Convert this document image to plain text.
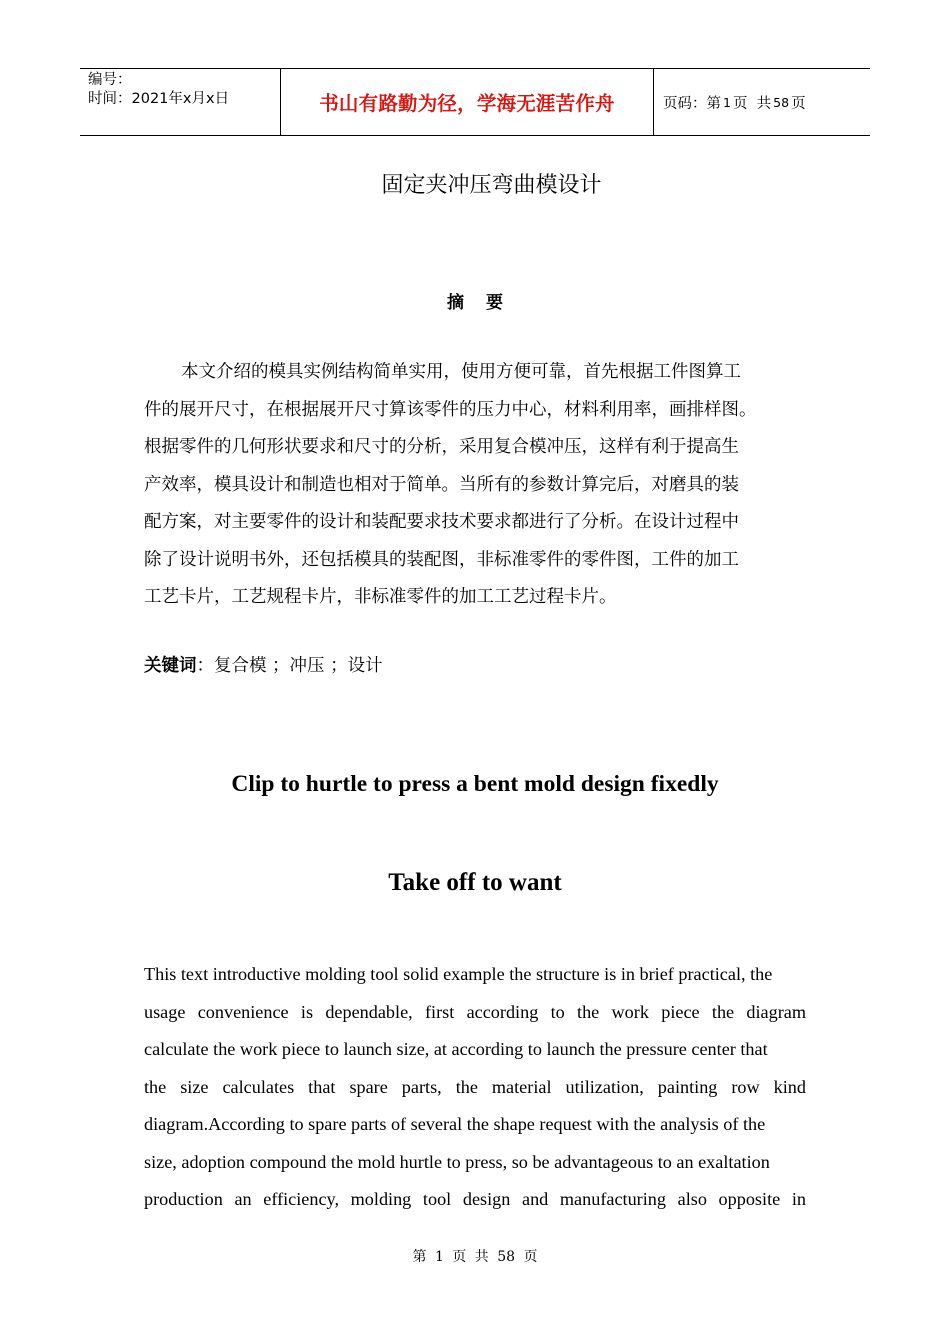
编号：
时间：2021年x月x日	书山有路勤为径，学海无涯苦作舟	页码：第 1 页  共 58 页
固定夹冲压弯曲模设计
摘 要
本文介绍的模具实例结构简单实用，使用方便可靠，首先根据工件图算工
件的展开尺寸，在根据展开尺寸算该零件的压力中心，材料利用率，画排样图。
根据零件的几何形状要求和尺寸的分析，采用复合模冲压，这样有利于提高生
产效率，模具设计和制造也相对于简单。当所有的参数计算完后，对磨具的装
配方案，对主要零件的设计和装配要求技术要求都进行了分析。在设计过程中
除了设计说明书外，还包括模具的装配图，非标准零件的零件图，工件的加工
工艺卡片，工艺规程卡片，非标准零件的加工工艺过程卡片。
关键词：复合模 ；冲压 ；设计
Clip to hurtle to press a bent mold design fixedly
Take off to want
This text introductive molding tool solid example the structure is in brief practical, the
usage convenience is dependable, first according to the work piece the diagram
calculate the work piece to launch size, at according to launch the pressure center that
the size calculates that spare parts, the material utilization, painting row kind
diagram.According to spare parts of several the shape request with the analysis of the
size, adoption compound the mold hurtle to press, so be advantageous to an exaltation
production an efficiency, molding tool design and manufacturing also opposite in
第 1 页 共 58 页
